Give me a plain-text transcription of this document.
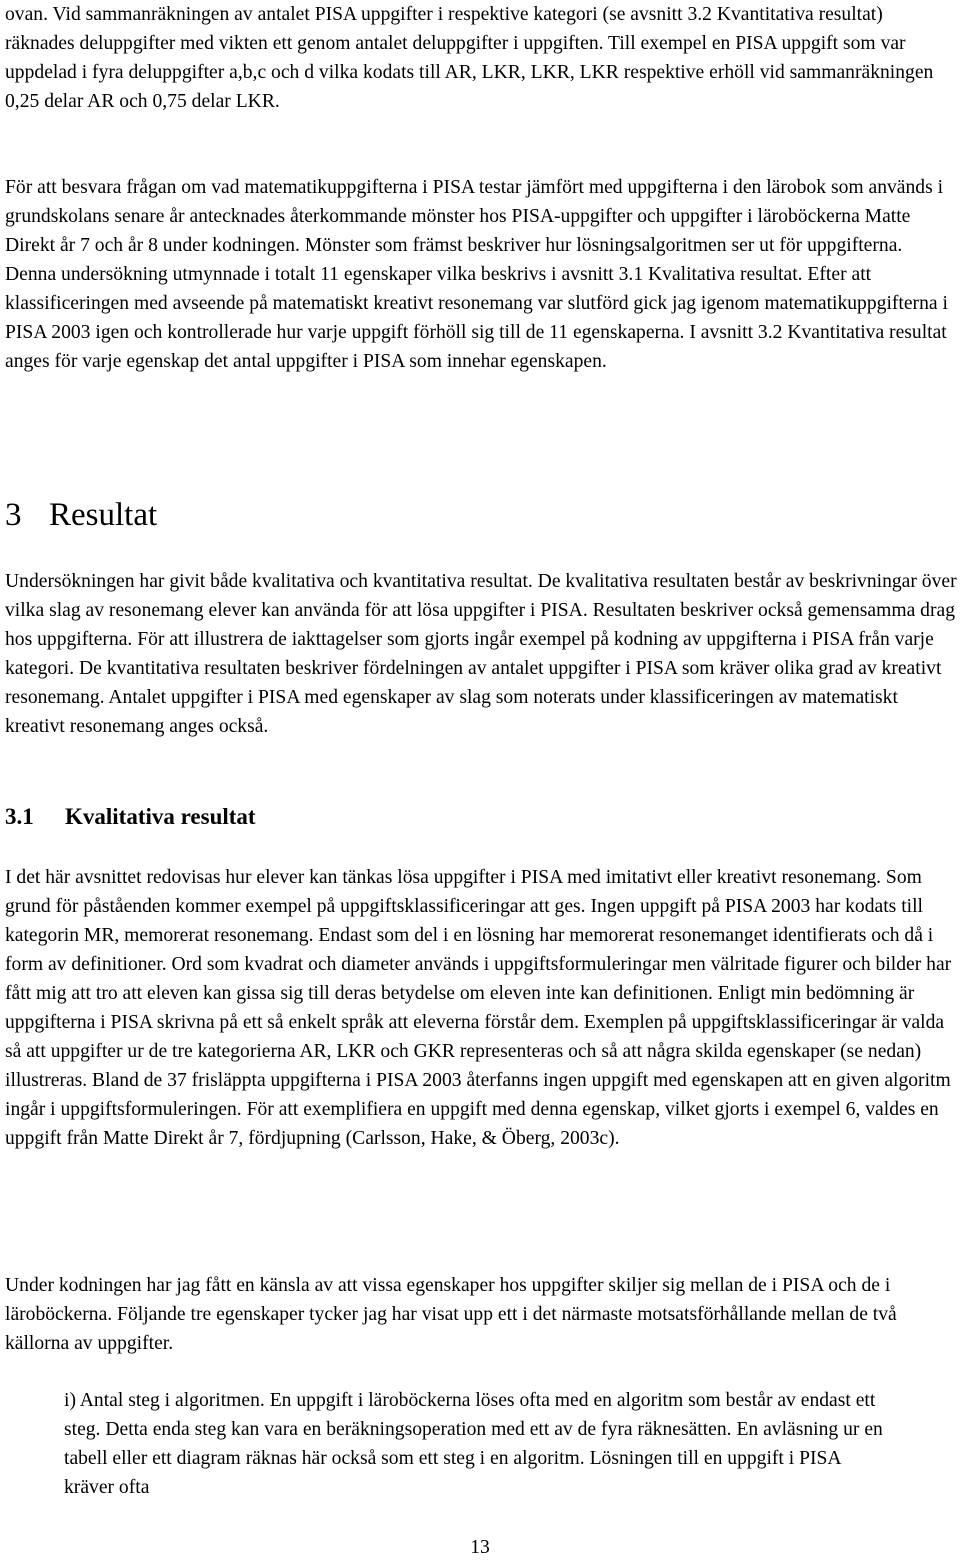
ovan. Vid sammanräkningen av antalet PISA uppgifter i respektive kategori (se avsnitt 3.2 Kvantitativa resultat) räknades deluppgifter med vikten ett genom antalet deluppgifter i uppgiften. Till exempel en PISA uppgift som var uppdelad i fyra deluppgifter a,b,c och d vilka kodats till AR, LKR, LKR, LKR respektive erhöll vid sammanräkningen 0,25 delar AR och 0,75 delar LKR.

För att besvara frågan om vad matematikuppgifterna i PISA testar jämfört med uppgifterna i den lärobok som används i grundskolans senare år antecknades återkommande mönster hos PISA-uppgifter och uppgifter i läroböckerna Matte Direkt år 7 och år 8 under kodningen. Mönster som främst beskriver hur lösningsalgoritmen ser ut för uppgifterna. Denna undersökning utmynnade i totalt 11 egenskaper vilka beskrivs i avsnitt 3.1 Kvalitativa resultat. Efter att klassificeringen med avseende på matematiskt kreativt resonemang var slutförd gick jag igenom matematikuppgifterna i PISA 2003 igen och kontrollerade hur varje uppgift förhöll sig till de 11 egenskaperna. I avsnitt 3.2 Kvantitativa resultat anges för varje egenskap det antal uppgifter i PISA som innehar egenskapen.

3 Resultat

Undersökningen har givit både kvalitativa och kvantitativa resultat. De kvalitativa resultaten består av beskrivningar över vilka slag av resonemang elever kan använda för att lösa uppgifter i PISA. Resultaten beskriver också gemensamma drag hos uppgifterna. För att illustrera de iakttagelser som gjorts ingår exempel på kodning av uppgifterna i PISA från varje kategori. De kvantitativa resultaten beskriver fördelningen av antalet uppgifter i PISA som kräver olika grad av kreativt resonemang. Antalet uppgifter i PISA med egenskaper av slag som noterats under klassificeringen av matematiskt kreativt resonemang anges också.

3.1 Kvalitativa resultat

I det här avsnittet redovisas hur elever kan tänkas lösa uppgifter i PISA med imitativt eller kreativt resonemang. Som grund för påståenden kommer exempel på uppgiftsklassificeringar att ges. Ingen uppgift på PISA 2003 har kodats till kategorin MR, memorerat resonemang. Endast som del i en lösning har memorerat resonemanget identifierats och då i form av definitioner. Ord som kvadrat och diameter används i uppgiftsformuleringar men välritade figurer och bilder har fått mig att tro att eleven kan gissa sig till deras betydelse om eleven inte kan definitionen. Enligt min bedömning är uppgifterna i PISA skrivna på ett så enkelt språk att eleverna förstår dem. Exemplen på uppgiftsklassificeringar är valda så att uppgifter ur de tre kategorierna AR, LKR och GKR representeras och så att några skilda egenskaper (se nedan) illustreras. Bland de 37 frisläppta uppgifterna i PISA 2003 återfanns ingen uppgift med egenskapen att en given algoritm ingår i uppgiftsformuleringen. För att exemplifiera en uppgift med denna egenskap, vilket gjorts i exempel 6, valdes en uppgift från Matte Direkt år 7, fördjupning (Carlsson, Hake, & Öberg, 2003c).

Under kodningen har jag fått en känsla av att vissa egenskaper hos uppgifter skiljer sig mellan de i PISA och de i läroböckerna. Följande tre egenskaper tycker jag har visat upp ett i det närmaste motsatsförhållande mellan de två källorna av uppgifter.

i) Antal steg i algoritmen. En uppgift i läroböckerna löses ofta med en algoritm som består av endast ett steg. Detta enda steg kan vara en beräkningsoperation med ett av de fyra räknesätten. En avläsning ur en tabell eller ett diagram räknas här också som ett steg i en algoritm. Lösningen till en uppgift i PISA kräver ofta

13
